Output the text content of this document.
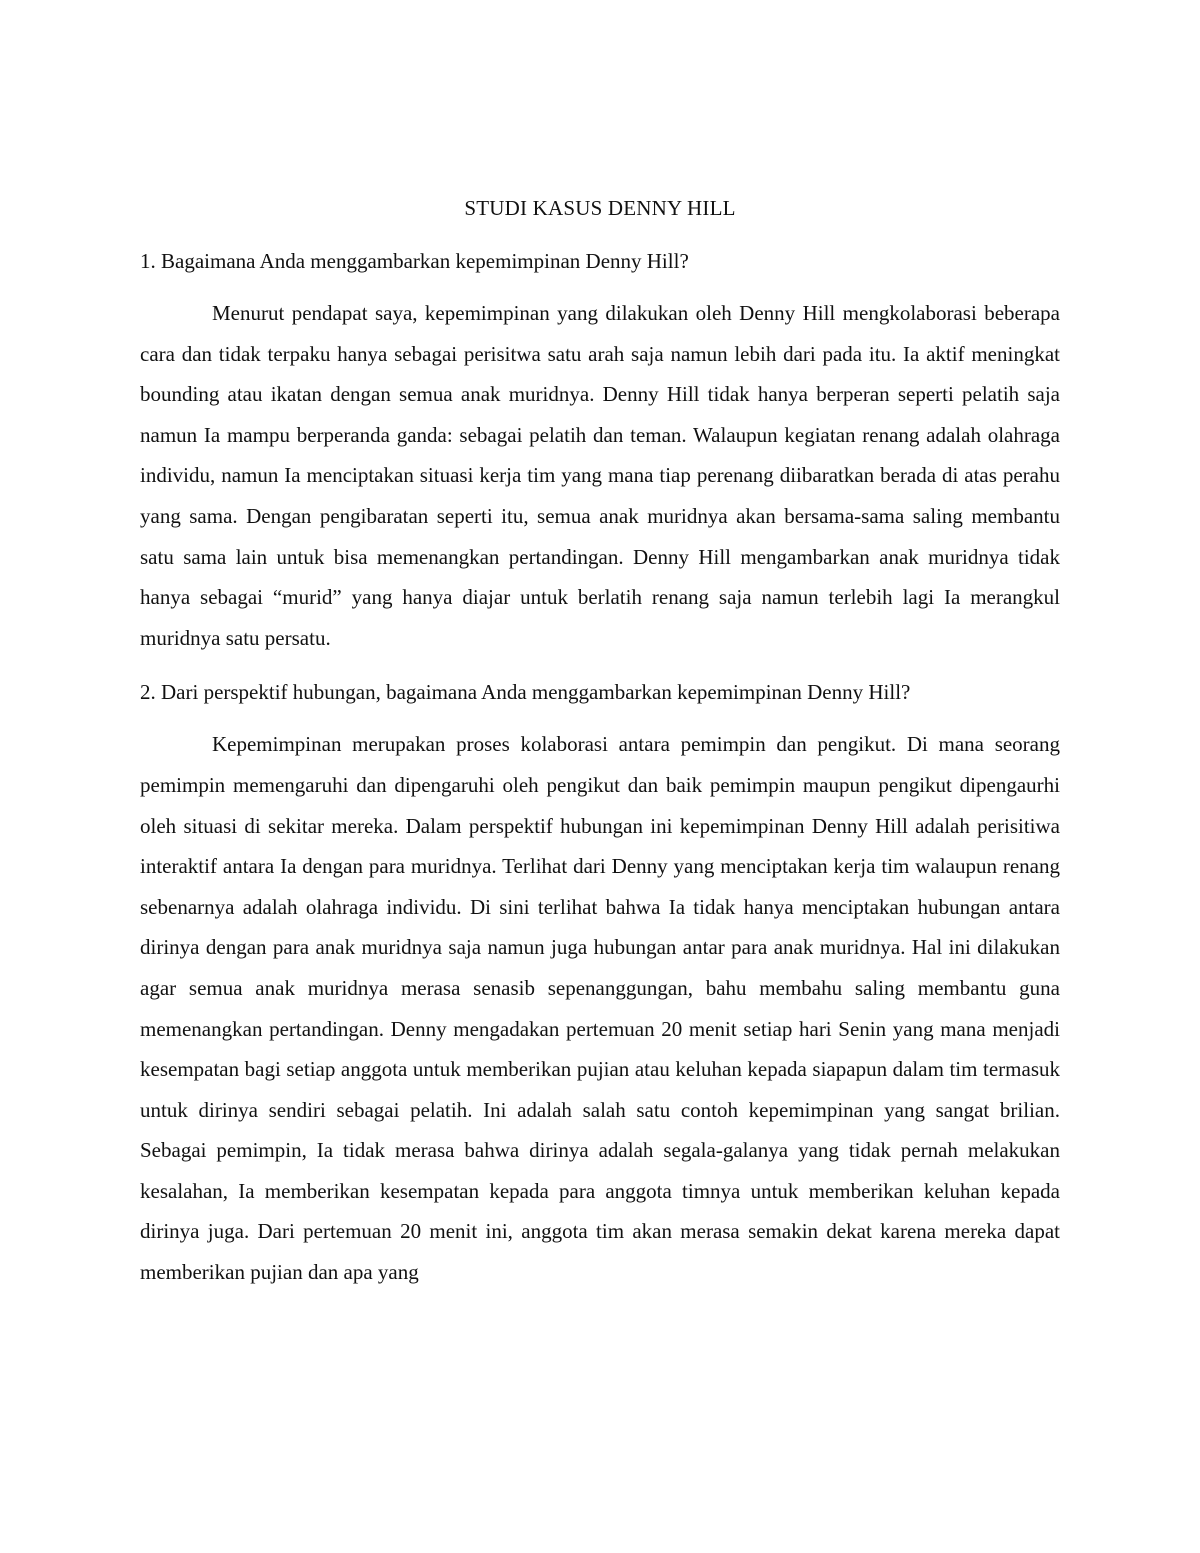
STUDI KASUS DENNY HILL

1. Bagaimana Anda menggambarkan kepemimpinan Denny Hill?

Menurut pendapat saya, kepemimpinan yang dilakukan oleh Denny Hill mengkolaborasi beberapa cara dan tidak terpaku hanya sebagai perisitwa satu arah saja namun lebih dari pada itu. Ia aktif meningkat bounding atau ikatan dengan semua anak muridnya. Denny Hill tidak hanya berperan seperti pelatih saja namun Ia mampu berperanda ganda: sebagai pelatih dan teman. Walaupun kegiatan renang adalah olahraga individu, namun Ia menciptakan situasi kerja tim yang mana tiap perenang diibaratkan berada di atas perahu yang sama. Dengan pengibaratan seperti itu, semua anak muridnya akan bersama-sama saling membantu satu sama lain untuk bisa memenangkan pertandingan. Denny Hill mengambarkan anak muridnya tidak hanya sebagai “murid” yang hanya diajar untuk berlatih renang saja namun terlebih lagi Ia merangkul muridnya satu persatu.

2. Dari perspektif hubungan, bagaimana Anda menggambarkan kepemimpinan Denny Hill?

Kepemimpinan merupakan proses kolaborasi antara pemimpin dan pengikut. Di mana seorang pemimpin memengaruhi dan dipengaruhi oleh pengikut dan baik pemimpin maupun pengikut dipengaurhi oleh situasi di sekitar mereka. Dalam perspektif hubungan ini kepemimpinan Denny Hill adalah perisitiwa interaktif antara Ia dengan para muridnya. Terlihat dari Denny yang menciptakan kerja tim walaupun renang sebenarnya adalah olahraga individu. Di sini terlihat bahwa Ia tidak hanya menciptakan hubungan antara dirinya dengan para anak muridnya saja namun juga hubungan antar para anak muridnya. Hal ini dilakukan agar semua anak muridnya merasa senasib sepenanggungan, bahu membahu saling membantu guna memenangkan pertandingan. Denny mengadakan pertemuan 20 menit setiap hari Senin yang mana menjadi kesempatan bagi setiap anggota untuk memberikan pujian atau keluhan kepada siapapun dalam tim termasuk untuk dirinya sendiri sebagai pelatih. Ini adalah salah satu contoh kepemimpinan yang sangat brilian. Sebagai pemimpin, Ia tidak merasa bahwa dirinya adalah segala-galanya yang tidak pernah melakukan kesalahan, Ia memberikan kesempatan kepada para anggota timnya untuk memberikan keluhan kepada dirinya juga. Dari pertemuan 20 menit ini, anggota tim akan merasa semakin dekat karena mereka dapat memberikan pujian dan apa yang
